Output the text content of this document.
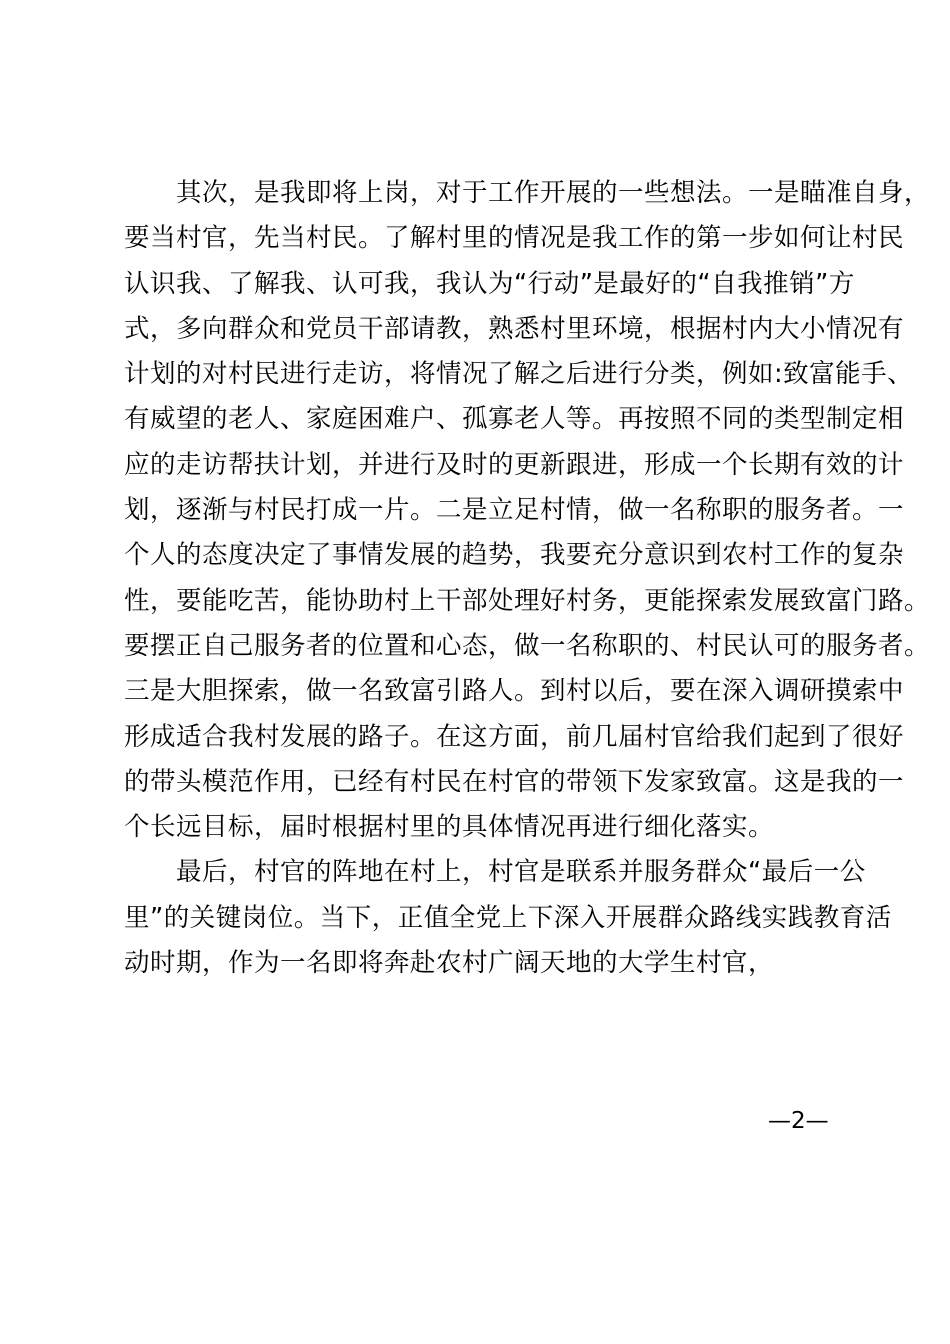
其次，是我即将上岗，对于工作开展的一些想法。一是瞄准自身，
要当村官，先当村民。了解村里的情况是我工作的第一步如何让村民
认识我、了解我、认可我，我认为“行动”是最好的“自我推销”方
式，多向群众和党员干部请教，熟悉村里环境，根据村内大小情况有
计划的对村民进行走访，将情况了解之后进行分类，例如:致富能手、
有威望的老人、家庭困难户、孤寡老人等。再按照不同的类型制定相
应的走访帮扶计划，并进行及时的更新跟进，形成一个长期有效的计
划，逐渐与村民打成一片。二是立足村情，做一名称职的服务者。一
个人的态度决定了事情发展的趋势，我要充分意识到农村工作的复杂
性，要能吃苦，能协助村上干部处理好村务，更能探索发展致富门路。
要摆正自己服务者的位置和心态，做一名称职的、村民认可的服务者。
三是大胆探索，做一名致富引路人。到村以后，要在深入调研摸索中
形成适合我村发展的路子。在这方面，前几届村官给我们起到了很好
的带头模范作用，已经有村民在村官的带领下发家致富。这是我的一
个长远目标，届时根据村里的具体情况再进行细化落实。
最后，村官的阵地在村上，村官是联系并服务群众“最后一公
里”的关键岗位。当下，正值全党上下深入开展群众路线实践教育活
动时期，作为一名即将奔赴农村广阔天地的大学生村官，
—2—
